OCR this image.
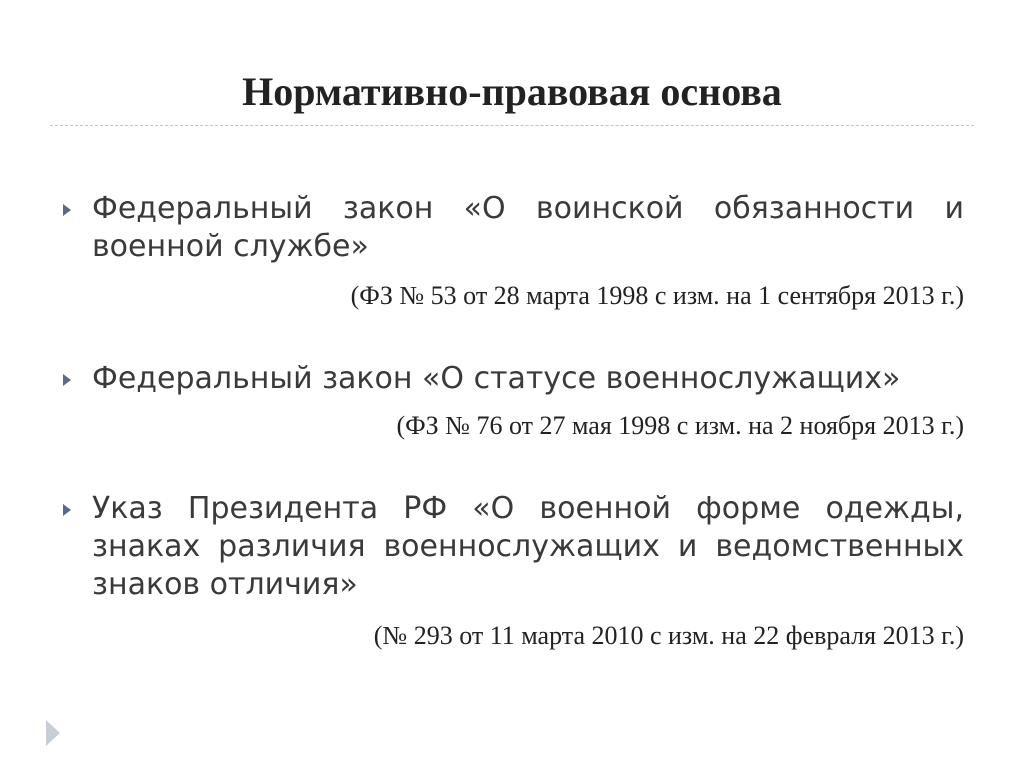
Нормативно-правовая основа

Федеральный закон «О воинской обязанности и военной службе»

(ФЗ № 53 от 28 марта 1998 с изм. на 1 сентября 2013 г.)

Федеральный закон «О статусе военнослужащих»

(ФЗ № 76 от 27 мая 1998 с изм. на 2 ноября 2013 г.)

Указ Президента РФ «О военной форме одежды, знаках различия военнослужащих и ведомственных знаков отличия»

(№ 293 от 11 марта 2010 с изм. на 22 февраля 2013 г.)
